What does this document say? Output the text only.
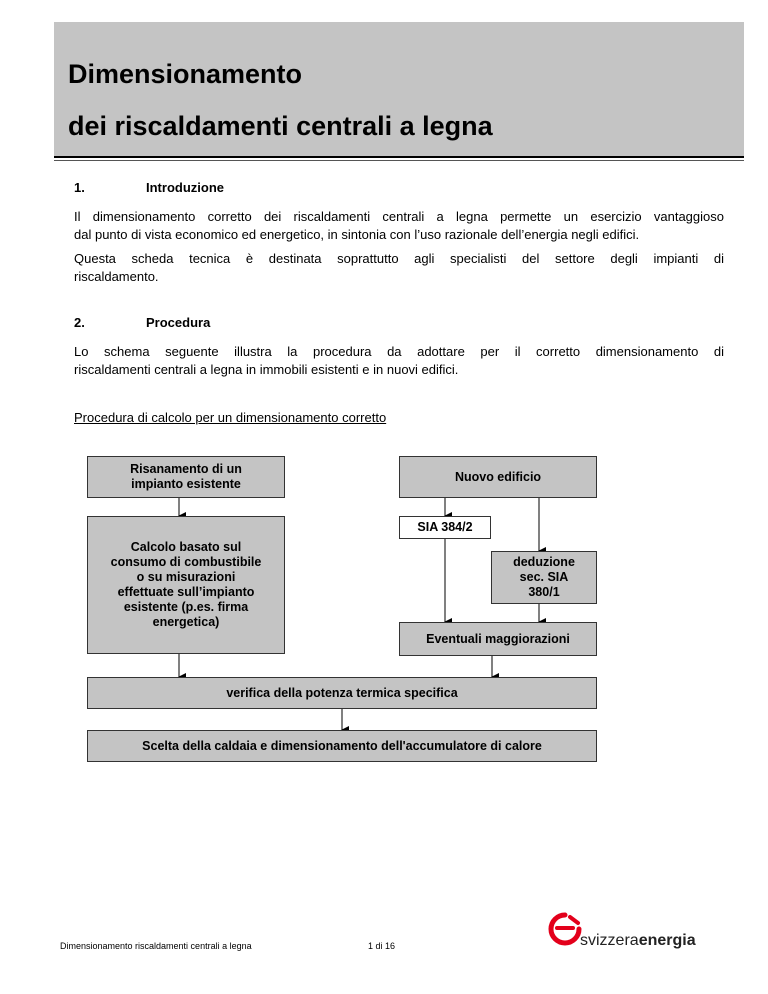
Dimensionamento
dei riscaldamenti centrali a legna
1.	Introduzione

Il dimensionamento corretto dei riscaldamenti centrali a legna permette un esercizio vantaggioso
dal punto di vista economico ed energetico, in sintonia con l’uso razionale dell’energia negli edifici.

Questa scheda tecnica è destinata soprattutto agli specialisti del settore degli impianti di
riscaldamento.

2.	Procedura

Lo schema seguente illustra la procedura da adottare per il corretto dimensionamento di
riscaldamenti centrali a legna in immobili esistenti e in nuovi edifici.

Procedura di calcolo per un dimensionamento corretto
Risanamento di un
impianto esistente
Nuovo edificio
SIA 384/2
Calcolo basato sul
consumo di combustibile
o su misurazioni
effettuate sull’impianto
esistente (p.es. firma
energetica)
deduzione
sec. SIA
380/1
Eventuali maggiorazioni
verifica della potenza termica specifica
Scelta della caldaia e dimensionamento dell'accumulatore di calore
Dimensionamento riscaldamenti centrali a legna	1 di 16	svizzeraenergia
